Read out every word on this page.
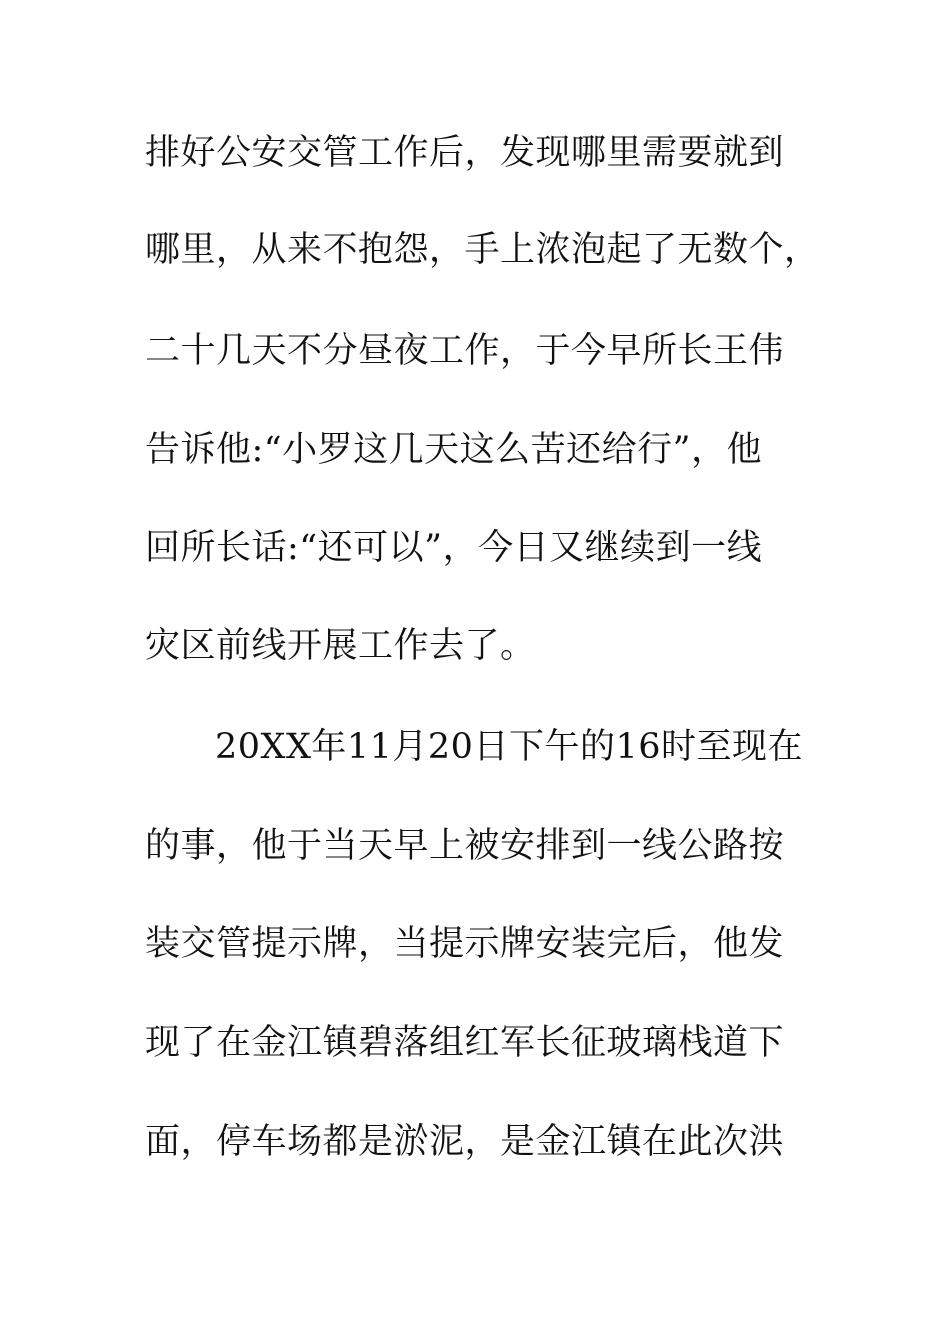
排好公安交管工作后，发现哪里需要就到
哪里，从来不抱怨，手上浓泡起了无数个，
二十几天不分昼夜工作，于今早所长王伟
告诉他:“小罗这几天这么苦还给行”，他
回所长话:“还可以”，今日又继续到一线
灾区前线开展工作去了。
20XX年11月20日下午的16时至现在
的事，他于当天早上被安排到一线公路按
装交管提示牌，当提示牌安装完后，他发
现了在金江镇碧落组红军长征玻璃栈道下
面，停车场都是淤泥，是金江镇在此次洪
